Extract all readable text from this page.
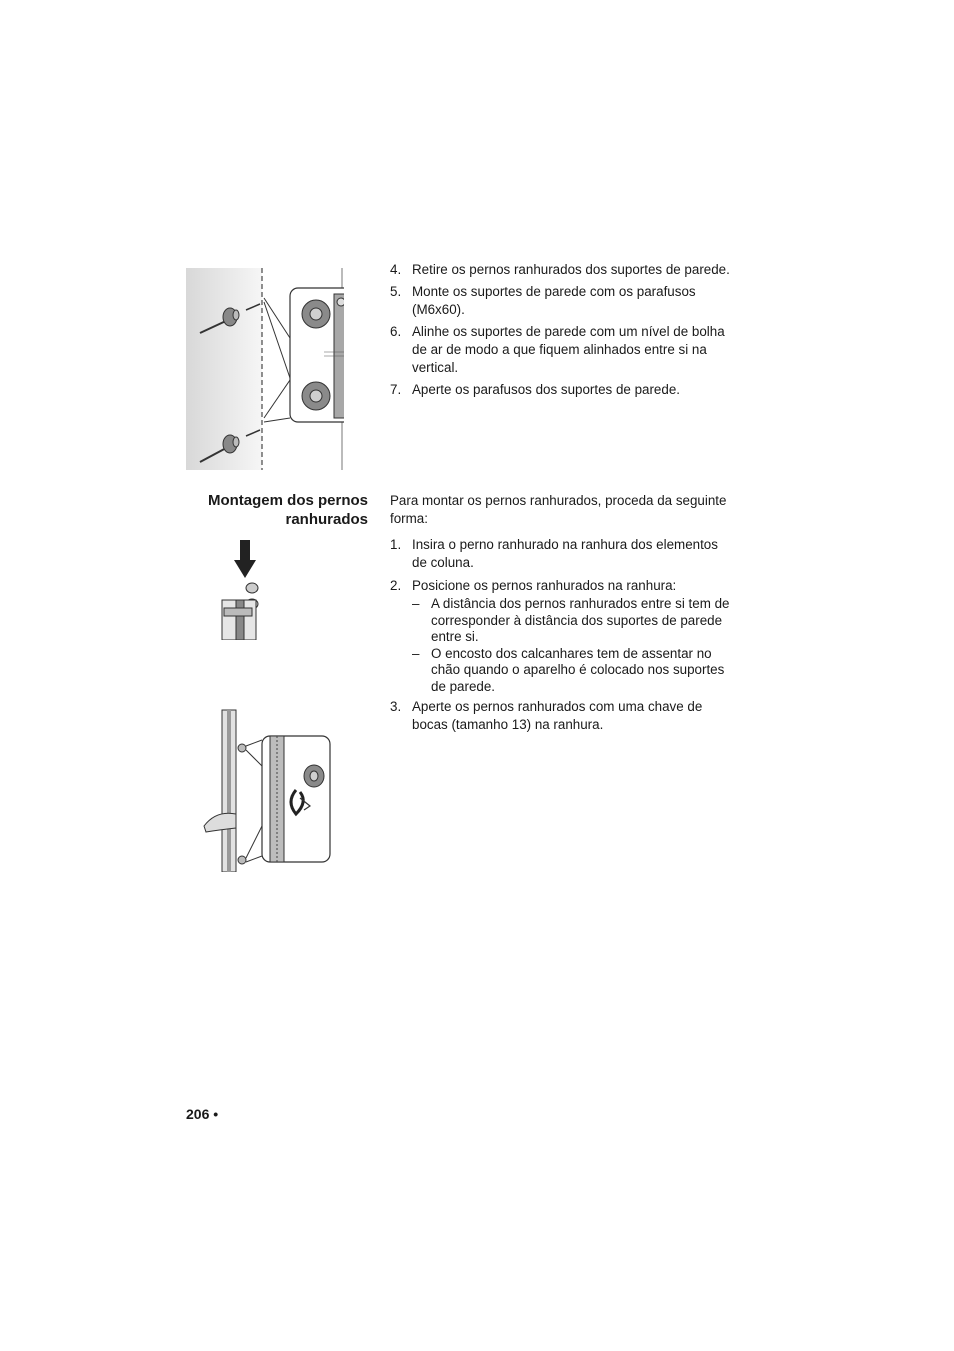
4. Retire os pernos ranhurados dos suportes de parede.
5. Monte os suportes de parede com os parafusos (M6x60).
6. Alinhe os suportes de parede com um nível de bolha de ar de modo a que fiquem alinhados entre si na vertical.
7. Aperte os parafusos dos suportes de parede.
Montagem dos pernos
ranhurados

Para montar os pernos ranhurados, proceda da seguinte forma:

1. Insira o perno ranhurado na ranhura dos elementos de coluna.
2. Posicione os pernos ranhurados na ranhura:
– A distância dos pernos ranhurados entre si tem de corresponder à distância dos suportes de parede entre si.
– O encosto dos calcanhares tem de assentar no chão quando o aparelho é colocado nos suportes de parede.
3. Aperte os pernos ranhurados com uma chave de bocas (tamanho 13) na ranhura.
206 •
